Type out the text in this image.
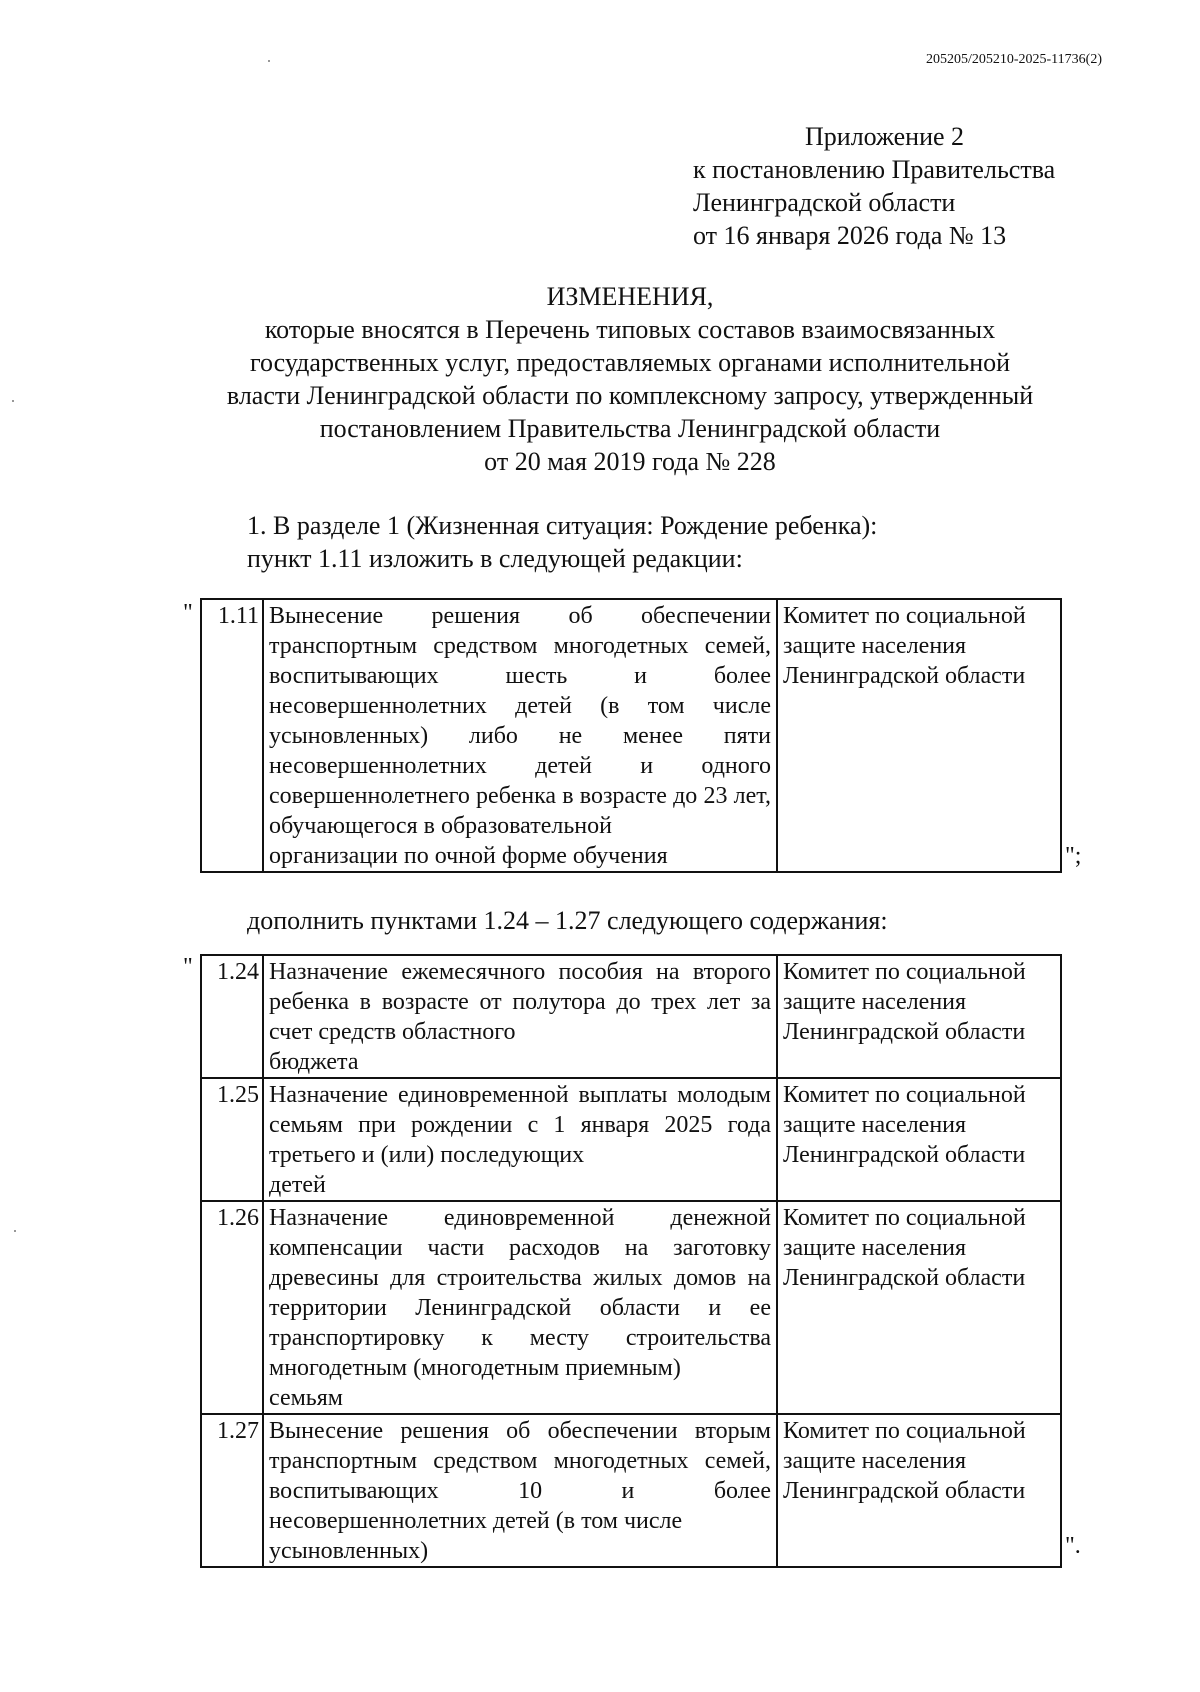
205205/205210-2025-11736(2)
Приложение 2
к постановлению Правительства
Ленинградской области
от 16 января 2026 года № 13
ИЗМЕНЕНИЯ,
которые вносятся в Перечень типовых составов взаимосвязанных
государственных услуг, предоставляемых органами исполнительной
власти Ленинградской области по комплексному запросу, утвержденный
постановлением Правительства Ленинградской области
от 20 мая 2019 года № 228
1. В разделе 1 (Жизненная ситуация: Рождение ребенка):
пункт 1.11 изложить в следующей редакции:
" 1.11	Вынесение решения об обеспечении транспортным средством многодетных семей, воспитывающих шесть и более несовершеннолетних детей (в том числе усыновленных) либо не менее пяти несовершеннолетних детей и одного совершеннолетнего ребенка в возрасте до 23 лет, обучающегося в образовательной
организации по очной форме обучения
	Комитет по социальной защите населения Ленинградской области
";
дополнить пунктами 1.24 – 1.27 следующего содержания:
" 1.24	Назначение ежемесячного пособия на второго ребенка в возрасте от полутора до трех лет за счет средств областного
бюджета	Комитет по социальной защите населения Ленинградской области
1.25	Назначение единовременной выплаты молодым семьям при рождении с 1 января 2025 года третьего и (или) последующих
детей	Комитет по социальной защите населения Ленинградской области
1.26	Назначение единовременной денежной компенсации части расходов на заготовку древесины для строительства жилых домов на территории Ленинградской области и ее транспортировку к месту строительства многодетным (многодетным приемным)
семьям	Комитет по социальной защите населения Ленинградской области
1.27	Вынесение решения об обеспечении вторым транспортным средством многодетных семей, воспитывающих 10 и более несовершеннолетних детей (в том числе
усыновленных)	Комитет по социальной защите населения Ленинградской области
".
